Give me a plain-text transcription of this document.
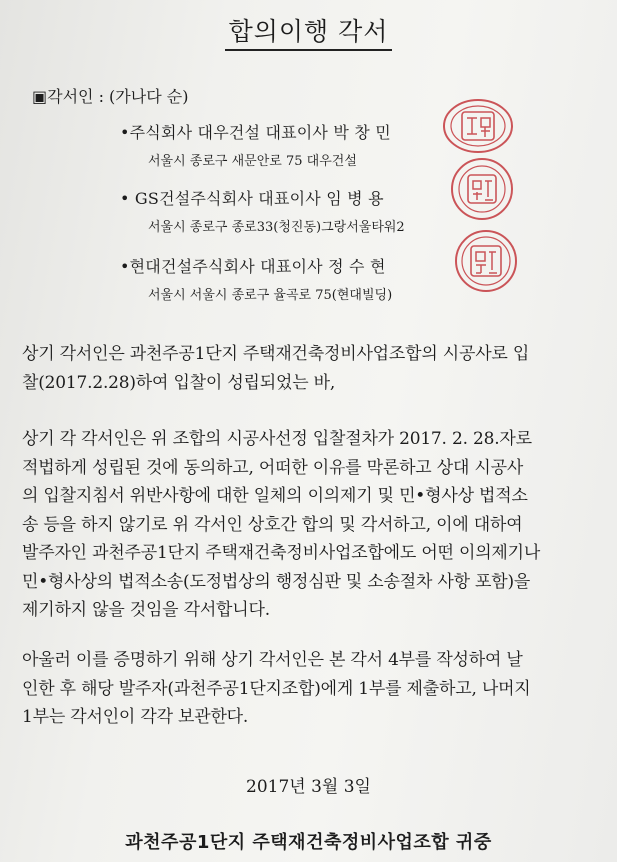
합의이행 각서
▣각서인 : (가나다 순)
•주식회사 대우건설 대표이사 박 창 민
서울시 종로구 새문안로 75 대우건설
• GS건설주식회사 대표이사 임 병 용
서울시 종로구 종로33(청진동)그랑서울타워2
•현대건설주식회사 대표이사 정 수 현
서울시 서울시 종로구 율곡로 75(현대빌딩)
상기 각서인은 과천주공1단지 주택재건축정비사업조합의 시공사로 입
찰(2017.2.28)하여 입찰이 성립되었는 바,
상기 각 각서인은 위 조합의 시공사선정 입찰절차가 2017. 2. 28.자로
적법하게 성립된 것에 동의하고, 어떠한 이유를 막론하고 상대 시공사
의 입찰지침서 위반사항에 대한 일체의 이의제기 및 민•형사상 법적소
송 등을 하지 않기로 위 각서인 상호간 합의 및 각서하고, 이에 대하여
발주자인 과천주공1단지 주택재건축정비사업조합에도 어떤 이의제기나
민•형사상의 법적소송(도정법상의 행정심판 및 소송절차 사항 포함)을
제기하지 않을 것임을 각서합니다.
아울러 이를 증명하기 위해 상기 각서인은 본 각서 4부를 작성하여 날
인한 후 해당 발주자(과천주공1단지조합)에게 1부를 제출하고, 나머지
1부는 각서인이 각각 보관한다.
2017년 3월 3일
과천주공1단지 주택재건축정비사업조합 귀중
